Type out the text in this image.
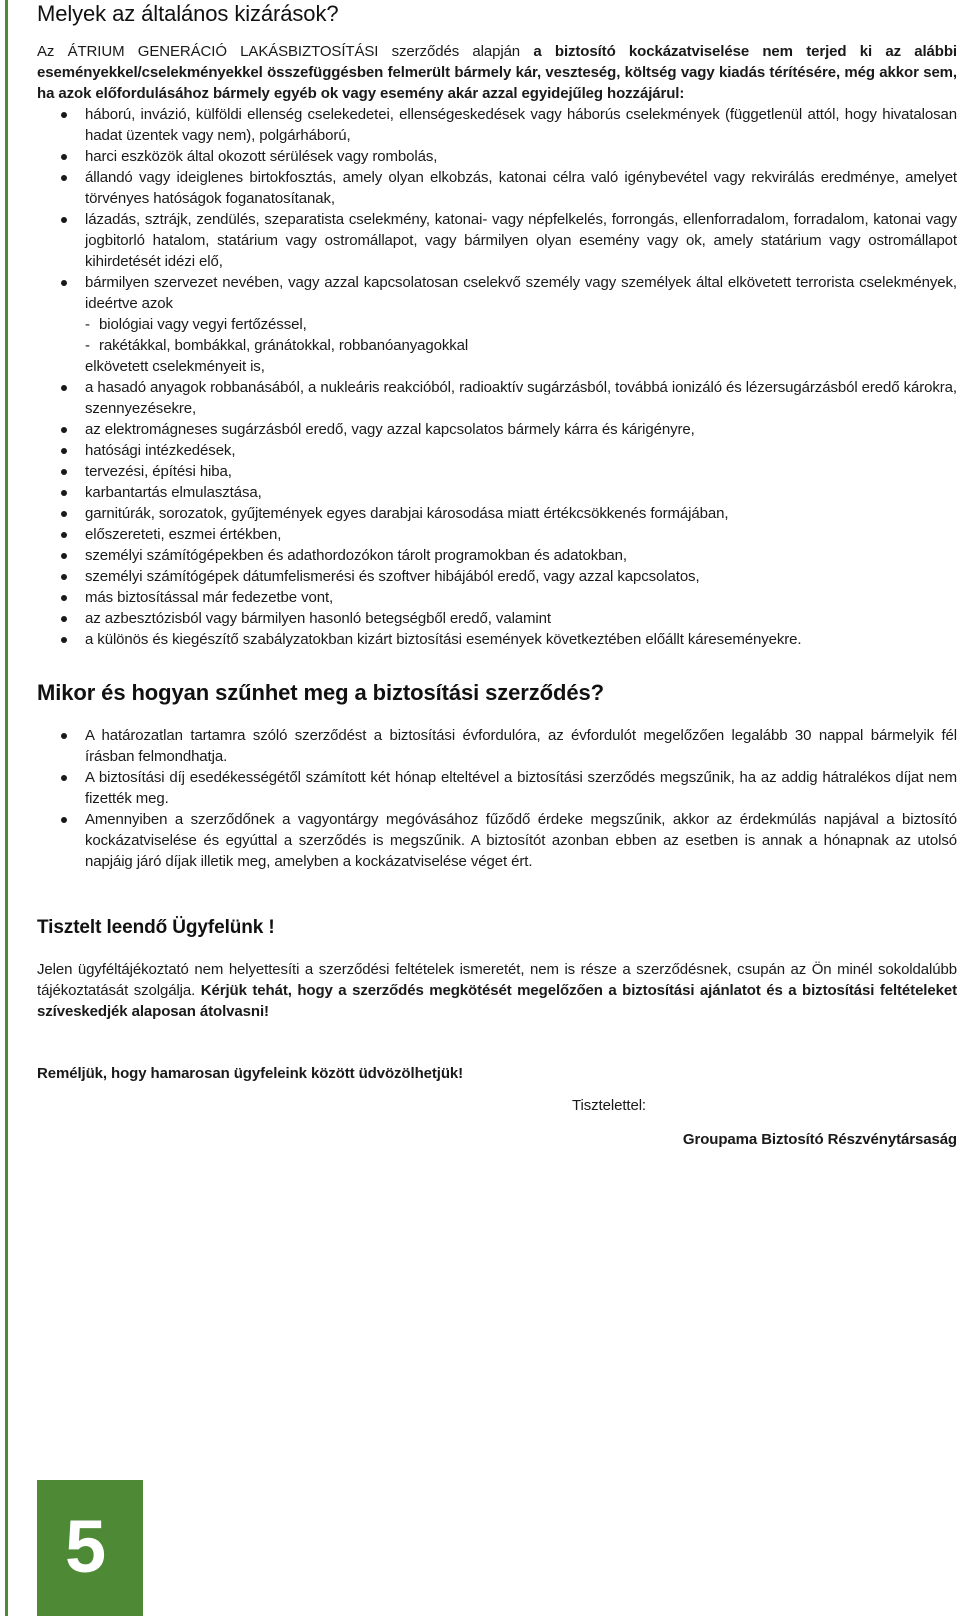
Melyek az általános kizárások?

Az ÁTRIUM GENERÁCIÓ LAKÁSBIZTOSÍTÁSI szerződés alapján a biztosító kockázatviselése nem terjed ki az alábbi eseményekkel/cselekményekkel összefüggésben felmerült bármely kár, veszteség, költség vagy kiadás térítésére, még akkor sem, ha azok előfordulásához bármely egyéb ok vagy esemény akár azzal egyidejűleg hozzájárul:

háború, invázió, külföldi ellenség cselekedetei, ellenségeskedések vagy háborús cselekmények (függetlenül attól, hogy hivatalosan hadat üzentek vagy nem), polgárháború,
harci eszközök által okozott sérülések vagy rombolás,
állandó vagy ideiglenes birtokfosztás, amely olyan elkobzás, katonai célra való igénybevétel vagy rekvirálás eredménye, amelyet törvényes hatóságok foganatosítanak,
lázadás, sztrájk, zendülés, szeparatista cselekmény, katonai- vagy népfelkelés, forrongás, ellenforradalom, forradalom, katonai vagy jogbitorló hatalom, statárium vagy ostromállapot, vagy bármilyen olyan esemény vagy ok, amely statárium vagy ostromállapot kihirdetését idézi elő,
bármilyen szervezet nevében, vagy azzal kapcsolatosan cselekvő személy vagy személyek által elkövetett terrorista cselekmények, ideértve azok
- biológiai vagy vegyi fertőzéssel,
- rakétákkal, bombákkal, gránátokkal, robbanóanyagokkal
elkövetett cselekményeit is,
a hasadó anyagok robbanásából, a nukleáris reakcióból, radioaktív sugárzásból, továbbá ionizáló és lézersugárzásból eredő károkra, szennyezésekre,
az elektromágneses sugárzásból eredő, vagy azzal kapcsolatos bármely kárra és kárigényre,
hatósági intézkedések,
tervezési, építési hiba,
karbantartás elmulasztása,
garnitúrák, sorozatok, gyűjtemények egyes darabjai károsodása miatt értékcsökkenés formájában,
előszereteti, eszmei értékben,
személyi számítógépekben és adathordozókon tárolt programokban és adatokban,
személyi számítógépek dátumfelismerési és szoftver hibájából eredő, vagy azzal kapcsolatos,
más biztosítással már fedezetbe vont,
az azbesztózisból vagy bármilyen hasonló betegségből eredő, valamint
a különös és kiegészítő szabályzatokban kizárt biztosítási események következtében előállt káreseményekre.
Mikor és hogyan szűnhet meg a biztosítási szerződés?
A határozatlan tartamra szóló szerződést a biztosítási évfordulóra, az évfordulót megelőzően legalább 30 nappal bármelyik fél írásban felmondhatja.
A biztosítási díj esedékességétől számított két hónap elteltével a biztosítási szerződés megszűnik, ha az addig hátralékos díjat nem fizették meg.
Amennyiben a szerződőnek a vagyontárgy megóvásához fűződő érdeke megszűnik, akkor az érdekmúlás napjával a biztosító kockázatviselése és egyúttal a szerződés is megszűnik. A biztosítót azonban ebben az esetben is annak a hónapnak az utolsó napjáig járó díjak illetik meg, amelyben a kockázatviselése véget ért.
Tisztelt leendő Ügyfelünk !

Jelen ügyféltájékoztató nem helyettesíti a szerződési feltételek ismeretét, nem is része a szerződésnek, csupán az Ön minél sokoldalúbb tájékoztatását szolgálja. Kérjük tehát, hogy a szerződés megkötését megelőzően a biztosítási ajánlatot és a biztosítási feltételeket szíveskedjék alaposan átolvasni!

Reméljük, hogy hamarosan ügyfeleink között üdvözölhetjük!

Tisztelettel:

Groupama Biztosító Részvénytársaság

5
